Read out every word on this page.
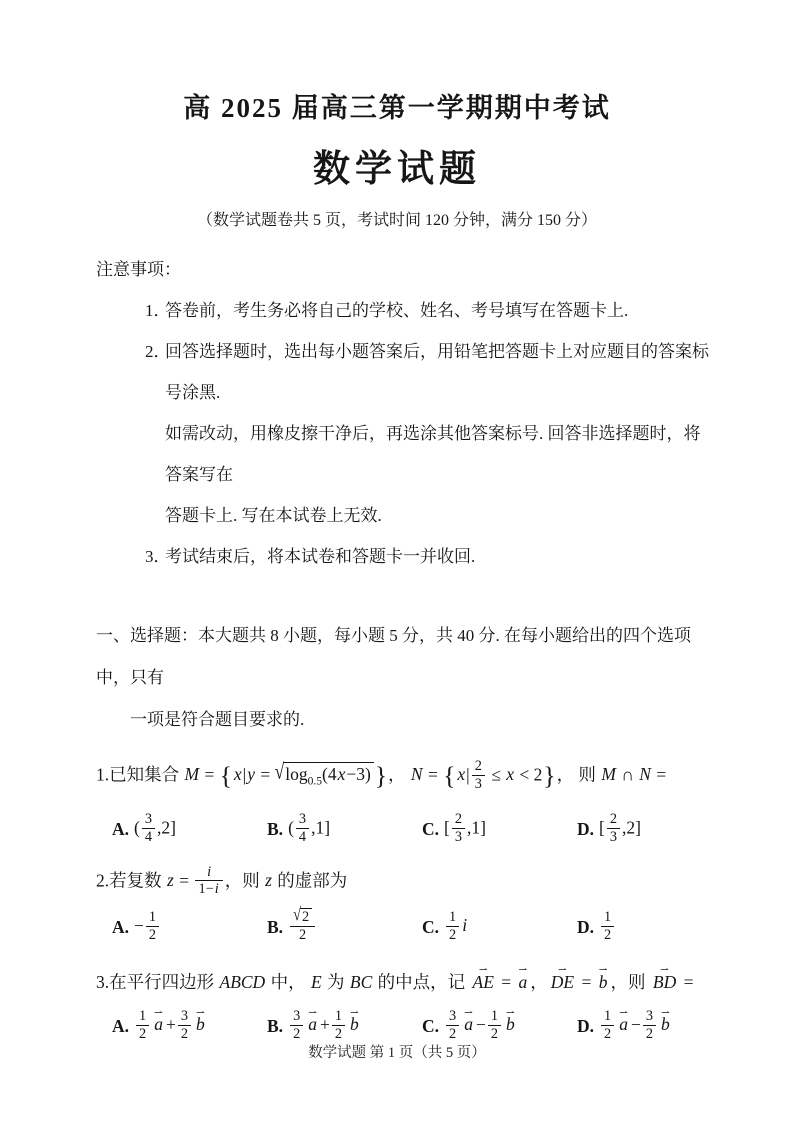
高 2025 届高三第一学期期中考试
数学试题
（数学试题卷共 5 页，考试时间 120 分钟，满分 150 分）
注意事项：
1．
答卷前，考生务必将自己的学校、姓名、考号填写在答题卡上.
2．
回答选择题时，选出每小题答案后，用铅笔把答题卡上对应题目的答案标号涂黑.
如需改动，用橡皮擦干净后，再选涂其他答案标号. 回答非选择题时，将答案写在
答题卡上. 写在本试卷上无效.
3．
考试结束后，将本试卷和答题卡一并收回.
一、选择题：本大题共 8 小题，每小题 5 分，共 40 分. 在每小题给出的四个选项中，只有
一项是符合题目要求的.
1.已知集合 M = { $x|y = √\log_{0.5}(4x-3)$ }， N = { $x| \frac{2}{3} \le x < 2$}， 则 M ∩ N =
A. ( $\frac{3}{4} ,2$]	B. ( $\frac{3}{4} ,1$]	C. [ $\frac{2}{3} ,1$]	D. [ $\frac{2}{3} ,2$]
2.若复数 $z = \frac{i}{1-i}$ ，则 z 的虚部为
A. − $\frac{1}{2}$	B. $\frac{√2}{2}$	C. $\frac{1}{2}$ i	D. $\frac{1}{2}$
3.在平行四边形 ABCD 中， E 为 BC 的中点，记 ⇀ AE = ⇀ a ， ⇀ DE = ⇀ b ，则 ⇀ BD =
A. $\frac{1}{2}$ ⇀ $a + \frac{3}{2}$ ⇀ b	B. $\frac{3}{2}$ ⇀ $a + \frac{1}{2}$ ⇀ b	C. $\frac{3}{2}$ ⇀ $a - \frac{1}{2}$ ⇀ b	D. $\frac{1}{2}$ ⇀ $a - \frac{3}{2}$ ⇀ b
数学试题 第 1 页（共 5 页）
